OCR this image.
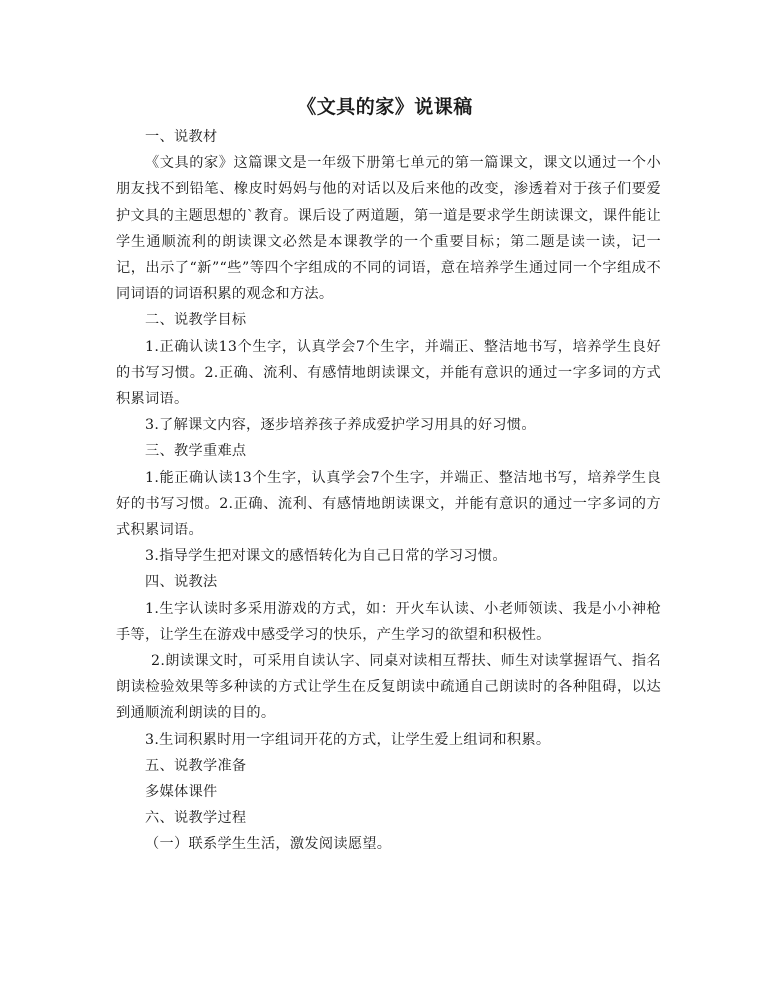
《文具的家》说课稿

一、说教材

《文具的家》这篇课文是一年级下册第七单元的第一篇课文，课文以通过一个小朋友找不到铅笔、橡皮时妈妈与他的对话以及后来他的改变，渗透着对于孩子们要爱护文具的主题思想的`教育。课后设了两道题，第一道是要求学生朗读课文，课件能让学生通顺流利的朗读课文必然是本课教学的一个重要目标；第二题是读一读，记一记，出示了“新”“些”等四个字组成的不同的词语，意在培养学生通过同一个字组成不同词语的词语积累的观念和方法。

二、说教学目标

1.正确认读13个生字，认真学会7个生字，并端正、整洁地书写，培养学生良好的书写习惯。2.正确、流利、有感情地朗读课文，并能有意识的通过一字多词的方式积累词语。

3.了解课文内容，逐步培养孩子养成爱护学习用具的好习惯。

三、教学重难点

1.能正确认读13个生字，认真学会7个生字，并端正、整洁地书写，培养学生良好的书写习惯。2.正确、流利、有感情地朗读课文，并能有意识的通过一字多词的方式积累词语。

3.指导学生把对课文的感悟转化为自己日常的学习习惯。

四、说教法

1.生字认读时多采用游戏的方式，如：开火车认读、小老师领读、我是小小神枪手等，让学生在游戏中感受学习的快乐，产生学习的欲望和积极性。

2.朗读课文时，可采用自读认字、同桌对读相互帮扶、师生对读掌握语气、指名朗读检验效果等多种读的方式让学生在反复朗读中疏通自己朗读时的各种阻碍，以达到通顺流利朗读的目的。

3.生词积累时用一字组词开花的方式，让学生爱上组词和积累。

五、说教学准备

多媒体课件

六、说教学过程

（一）联系学生生活，激发阅读愿望。
